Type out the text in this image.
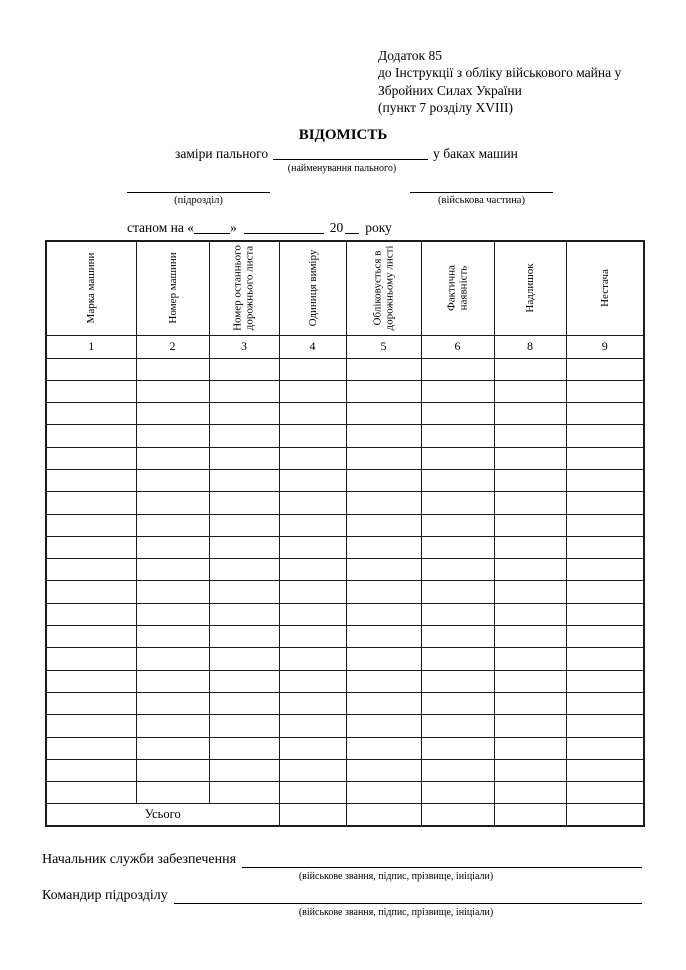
Додаток 85
до Інструкції з обліку військового майна у
Збройних Силах України
(пункт 7 розділу XVIII)
ВІДОМІСТЬ
заміри пального	у баках машин
(найменування пального)
(підрозділ)	(військова частина)
станом на «	»	20 року
Марка машини	Номер машини	Номер останнього дорожнього листа	Одиниця виміру	Обліковується в дорожньому листі	Фактична наявність	Надлишок	Нестача

1	2	3	4	5	6	8	9

Усього							
Начальник служби забезпечення
(військове звання, підпис, прізвище, ініціали)
Командир підрозділу
(військове звання, підпис, прізвище, ініціали)
